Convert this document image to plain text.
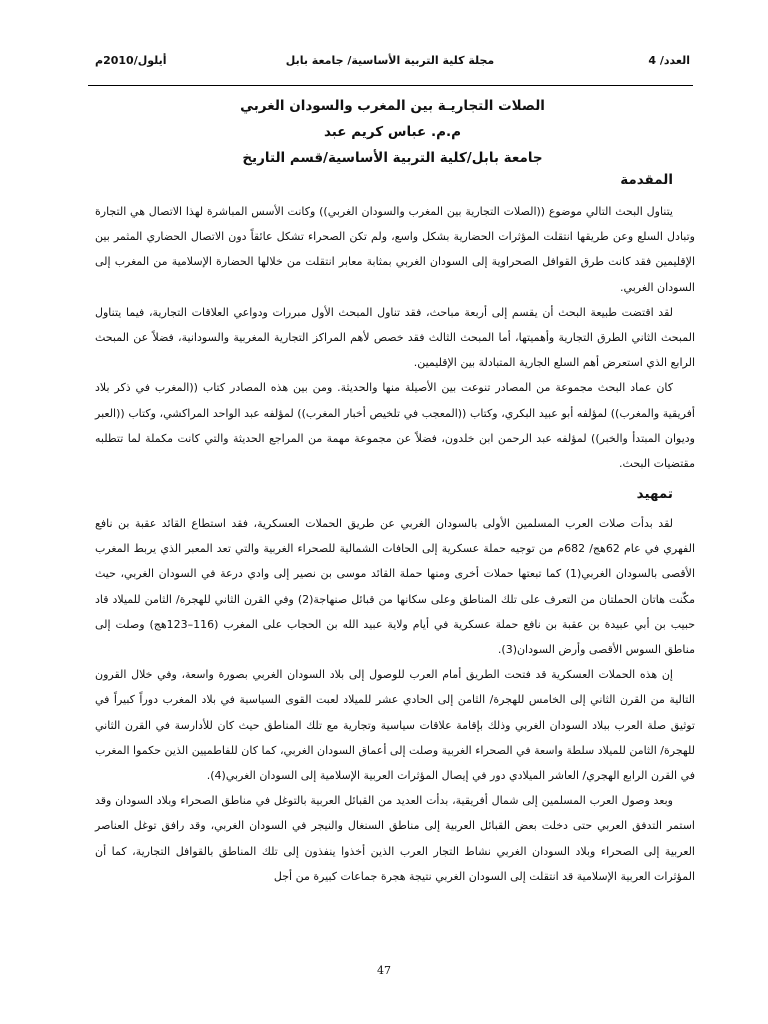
العدد/ 4
مجلة كلية التربية الأساسية/ جامعة بابل
أيلول/2010م
الصلات التجاريـة بين المغرب والسودان الغربي
م.م. عباس كريم عبد
جامعة بابل/كلية التربية الأساسية/قسم التاريخ
المقدمة

يتناول البحث التالي موضوع ((الصلات التجارية بين المغرب والسودان الغربي)) وكانت الأسس المباشرة لهذا الاتصال هي التجارة وتبادل السلع وعن طريقها انتقلت المؤثرات الحضارية بشكل واسع، ولم تكن الصحراء تشكل عائقاً دون الاتصال الحضاري المثمر بين الإقليمين فقد كانت طرق القوافل الصحراوية إلى السودان الغربي بمثابة معابر انتقلت من خلالها الحضارة الإسلامية من المغرب إلى السودان الغربي.

لقد اقتضت طبيعة البحث أن يقسم إلى أربعة مباحث، فقد تناول المبحث الأول مبررات ودواعي العلاقات التجارية، فيما يتناول المبحث الثاني الطرق التجارية وأهميتها، أما المبحث الثالث فقد خصص لأهم المراكز التجارية المغربية والسودانية، فضلاً عن المبحث الرابع الذي استعرض أهم السلع الجارية المتبادلة بين الإقليمين.

كان عماد البحث مجموعة من المصادر تنوعت بين الأصيلة منها والحديثة. ومن بين هذه المصادر كتاب ((المغرب في ذكر بلاد أفريقية والمغرب)) لمؤلفه أبو عبيد البكري، وكتاب ((المعجب في تلخيص أخبار المغرب)) لمؤلفه عبد الواحد المراكشي، وكتاب ((العبر وديوان المبتدأ والخبر)) لمؤلفه عبد الرحمن ابن خلدون، فضلاً عن مجموعة مهمة من المراجع الحديثة والتي كانت مكملة لما تتطلبه مقتضيات البحث.

تمهيد

لقد بدأت صلات العرب المسلمين الأولى بالسودان الغربي عن طريق الحملات العسكرية، فقد استطاع القائد عقبة بن نافع الفهري في عام 62هج/ 682م من توجيه حملة عسكرية إلى الحافات الشمالية للصحراء الغربية والتي تعد المعبر الذي يربط المغرب الأقصى بالسودان الغربي(1) كما تبعتها حملات أخرى ومنها حملة القائد موسى بن نصير إلى وادي درعة في السودان الغربي، حيث مكّنت هاتان الحملتان من التعرف على تلك المناطق وعلى سكانها من قبائل صنهاجة(2) وفي القرن الثاني للهجرة/ الثامن للميلاد قاد حبيب بن أبي عبيدة بن عقبة بن نافع حملة عسكرية في أيام ولاية عبيد الله بن الحجاب على المغرب (116–123هج) وصلت إلى مناطق السوس الأقصى وأرض السودان(3).

إن هذه الحملات العسكرية قد فتحت الطريق أمام العرب للوصول إلى بلاد السودان الغربي بصورة واسعة، وفي خلال القرون التالية من القرن الثاني إلى الخامس للهجرة/ الثامن إلى الحادي عشر للميلاد لعبت القوى السياسية في بلاد المغرب دوراً كبيراً في توثيق صلة العرب ببلاد السودان الغربي وذلك بإقامة علاقات سياسية وتجارية مع تلك المناطق حيث كان للأدارسة في القرن الثاني للهجرة/ الثامن للميلاد سلطة واسعة في الصحراء الغربية وصلت إلى أعماق السودان الغربي، كما كان للفاطميين الذين حكموا المغرب في القرن الرابع الهجري/ العاشر الميلادي دور في إيصال المؤثرات العربية الإسلامية إلى السودان الغربي(4).

وبعد وصول العرب المسلمين إلى شمال أفريقية، بدأت العديد من القبائل العربية بالتوغل في مناطق الصحراء وبلاد السودان وقد استمر التدفق العربي حتى دخلت بعض القبائل العربية إلى مناطق السنغال والنيجر في السودان الغربي، وقد رافق توغل العناصر العربية إلى الصحراء وبلاد السودان الغربي نشاط التجار العرب الذين أخذوا ينفذون إلى تلك المناطق بالقوافل التجارية، كما أن المؤثرات العربية الإسلامية قد انتقلت إلى السودان الغربي نتيجة هجرة جماعات كبيرة من أجل

47
